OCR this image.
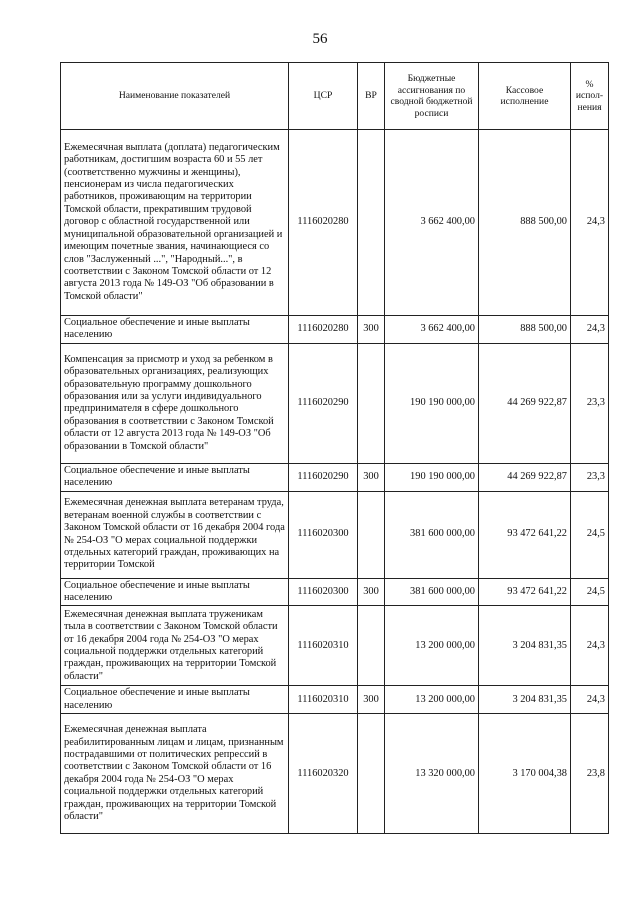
56
Наименование показателей	ЦСР	ВР	Бюджетные ассигнования по сводной бюджетной росписи	Кассовое исполнение	% испол-нения
Ежемесячная выплата (доплата) педагогическим работникам, достигшим возраста 60 и 55 лет (соответственно мужчины и женщины), пенсионерам из числа педагогических работников, проживающим на территории Томской области, прекратившим трудовой договор с областной государственной или муниципальной образовательной организацией и имеющим почетные звания, начинающиеся со слов "Заслуженный ...", "Народный...", в соответствии с Законом Томской области от 12 августа 2013 года № 149-ОЗ "Об образовании в Томской области"	1116020280		3 662 400,00	888 500,00	24,3
Социальное обеспечение и иные выплаты населению	1116020280	300	3 662 400,00	888 500,00	24,3
Компенсация за присмотр и уход за ребенком в образовательных организациях, реализующих образовательную программу дошкольного образования или за услуги индивидуального предпринимателя в сфере дошкольного образования в соответствии с Законом Томской области от 12 августа 2013 года № 149-ОЗ "Об образовании в Томской области"	1116020290		190 190 000,00	44 269 922,87	23,3
Социальное обеспечение и иные выплаты населению	1116020290	300	190 190 000,00	44 269 922,87	23,3
Ежемесячная денежная выплата ветеранам труда, ветеранам военной службы в соответствии с Законом Томской области от 16 декабря 2004 года № 254-ОЗ "О мерах социальной поддержки отдельных категорий граждан, проживающих на территории Томской	1116020300		381 600 000,00	93 472 641,22	24,5
Социальное обеспечение и иные выплаты населению	1116020300	300	381 600 000,00	93 472 641,22	24,5
Ежемесячная денежная выплата труженикам тыла в соответствии с Законом Томской области от 16 декабря 2004 года № 254-ОЗ "О мерах социальной поддержки отдельных категорий граждан, проживающих на территории Томской области"	1116020310		13 200 000,00	3 204 831,35	24,3
Социальное обеспечение и иные выплаты населению	1116020310	300	13 200 000,00	3 204 831,35	24,3
Ежемесячная денежная выплата реабилитированным лицам и лицам, признанным пострадавшими от политических репрессий в соответствии с Законом Томской области от 16 декабря 2004 года № 254-ОЗ "О мерах социальной поддержки отдельных категорий граждан, проживающих на территории Томской области"	1116020320		13 320 000,00	3 170 004,38	23,8
